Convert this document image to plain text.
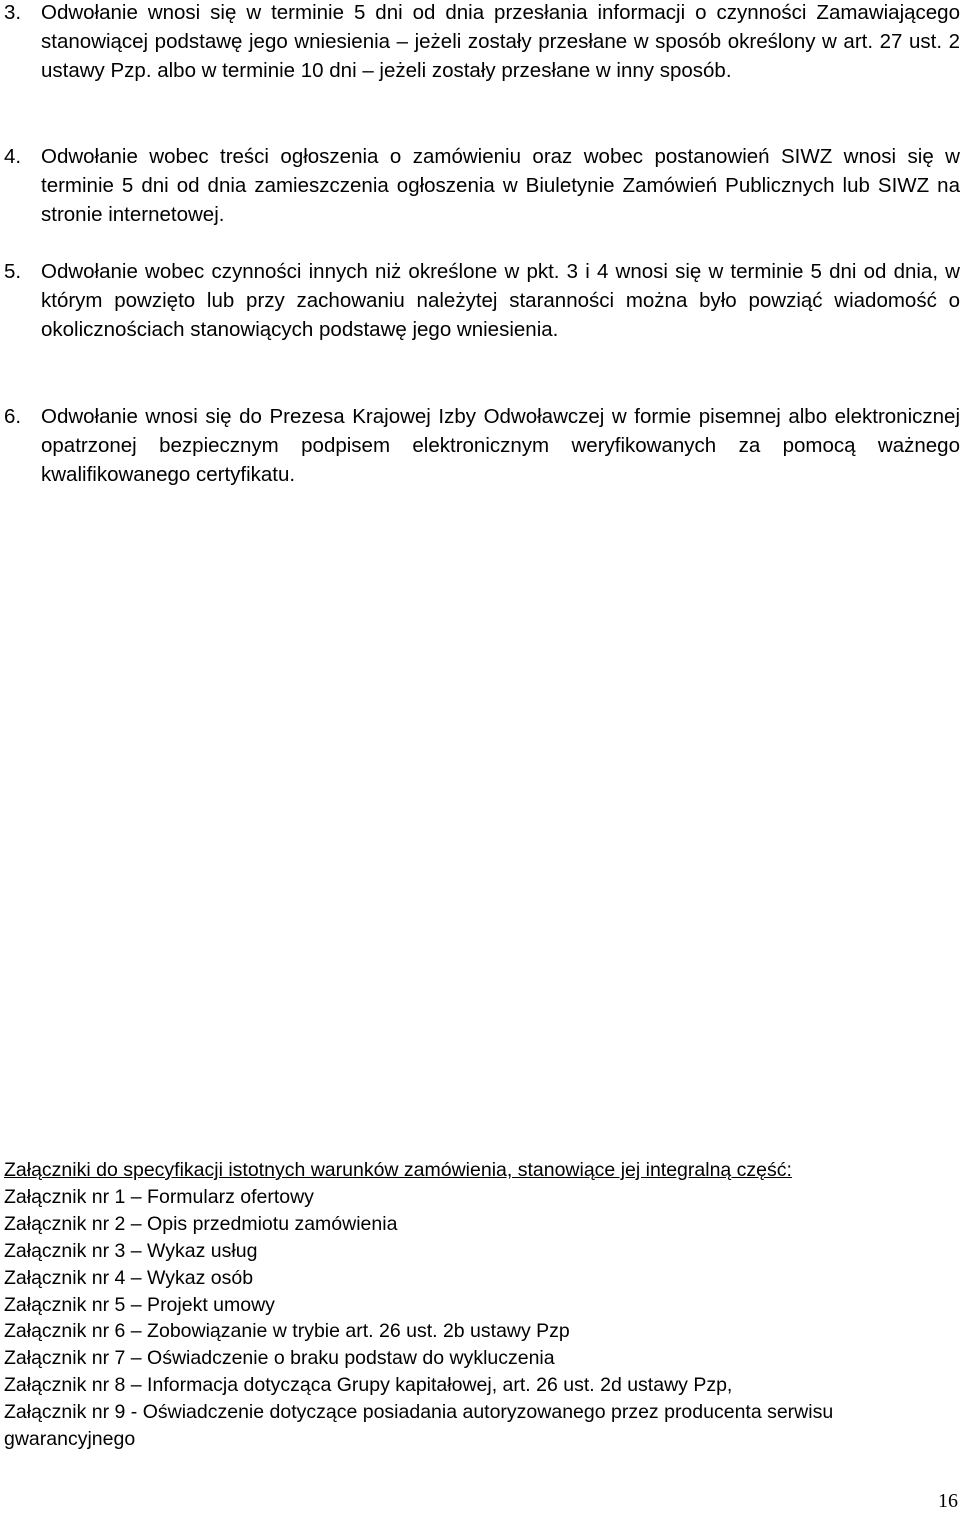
3. Odwołanie wnosi się w terminie 5 dni od dnia przesłania informacji o czynności Zamawiającego stanowiącej podstawę jego wniesienia – jeżeli zostały przesłane w sposób określony w art. 27 ust. 2 ustawy Pzp. albo w terminie 10 dni – jeżeli zostały przesłane w inny sposób.
4. Odwołanie wobec treści ogłoszenia o zamówieniu oraz wobec postanowień SIWZ wnosi się w terminie 5 dni od dnia zamieszczenia ogłoszenia w Biuletynie Zamówień Publicznych lub SIWZ na stronie internetowej.
5. Odwołanie wobec czynności innych niż określone w pkt. 3 i 4 wnosi się w terminie 5 dni od dnia, w którym powzięto lub przy zachowaniu należytej staranności można było powziąć wiadomość o okolicznościach stanowiących podstawę jego wniesienia.
6. Odwołanie wnosi się do Prezesa Krajowej Izby Odwoławczej w formie pisemnej albo elektronicznej opatrzonej bezpiecznym podpisem elektronicznym weryfikowanych za pomocą ważnego kwalifikowanego certyfikatu.
Załączniki do specyfikacji istotnych warunków zamówienia, stanowiące jej integralną część:
Załącznik nr 1 – Formularz ofertowy
Załącznik nr 2 – Opis przedmiotu zamówienia
Załącznik nr 3 – Wykaz usług
Załącznik nr 4 – Wykaz osób
Załącznik nr 5 – Projekt umowy
Załącznik nr 6 – Zobowiązanie w trybie art. 26 ust. 2b ustawy Pzp
Załącznik nr 7 – Oświadczenie o braku podstaw do wykluczenia
Załącznik nr 8 – Informacja dotycząca Grupy kapitałowej, art. 26 ust. 2d ustawy Pzp,
Załącznik nr 9 - Oświadczenie dotyczące posiadania autoryzowanego przez producenta serwisu gwarancyjnego
16
